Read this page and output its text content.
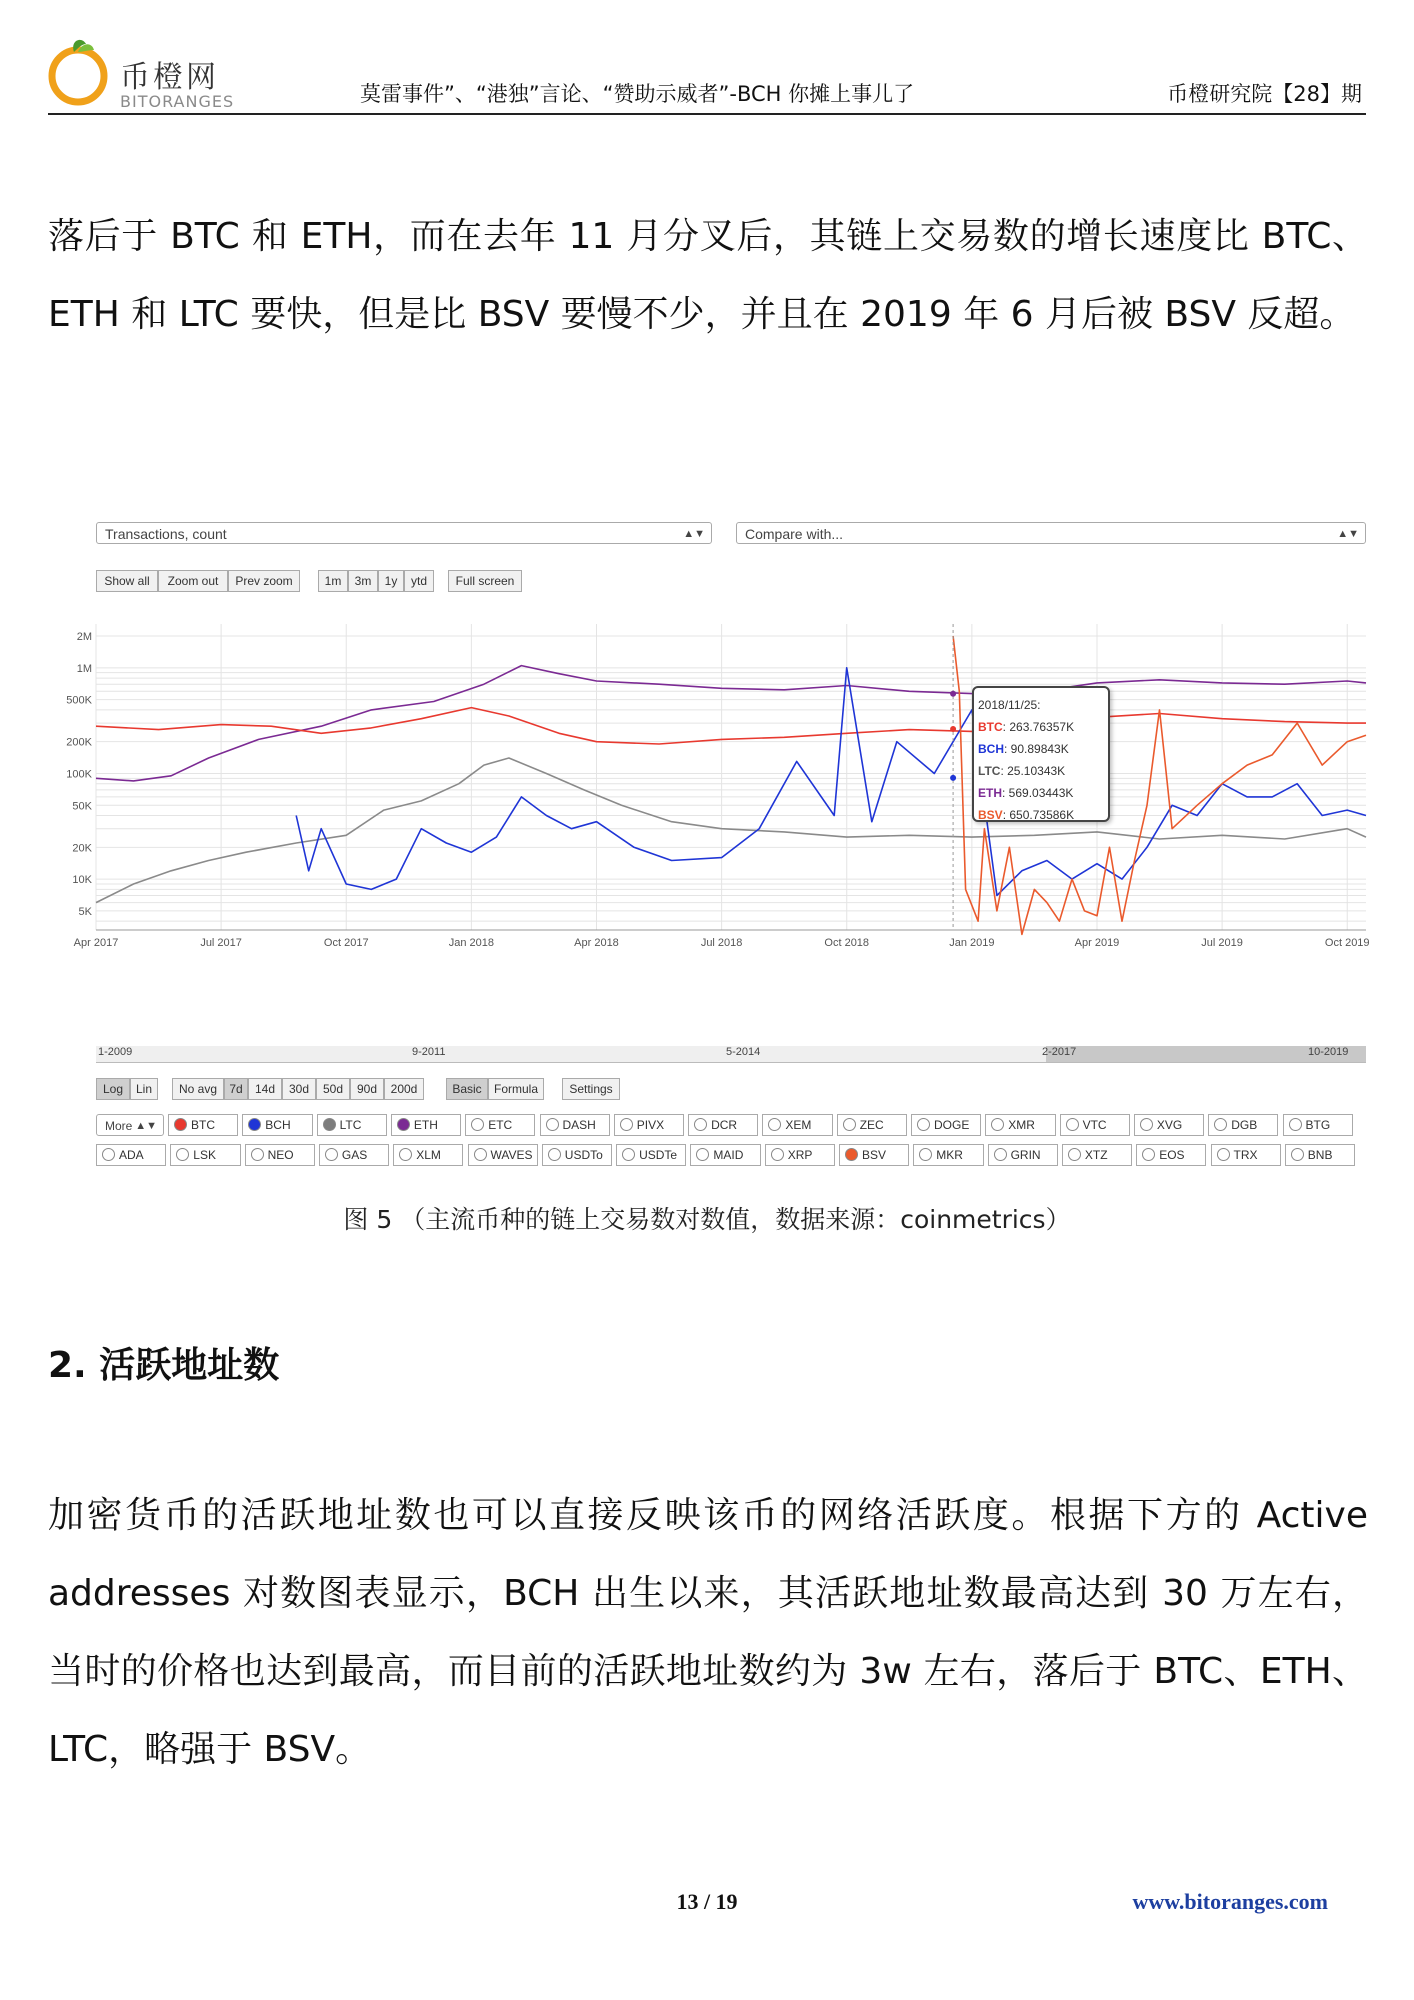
币橙网
BITORANGES	莫雷事件”、“港独”言论、“赞助示威者”-BCH 你摊上事儿了	币橙研究院【28】期
落后于 BTC 和 ETH，而在去年 11 月分叉后，其链上交易数的增长速度比 BTC、ETH 和 LTC 要快，但是比 BSV 要慢不少，并且在 2019 年 6 月后被 BSV 反超。
Transactions, count	▲▼	Compare with...	▲▼
Show all	Zoom out	Prev zoom	1m	3m	1y	ytd	Full screen
5K
10K
20K
50K
100K
200K
500K
1M
2M
Apr 2017	Jul 2017	Oct 2017	Jan 2018	Apr 2018	Jul 2018	Oct 2018	Jan 2019	Apr 2019	Jul 2019	Oct 2019
2018/11/25:
BTC: 263.76357K
BCH: 90.89843K
LTC: 25.10343K
ETH: 569.03443K
BSV: 650.73586K
1-2009	9-2011	5-2014	2-2017	10-2019
Log	Lin	No avg	7d	14d	30d	50d	90d	200d	Basic	Formula	Settings
More ▲▼	BTC	BCH	LTC	ETH	ETC	DASH	PIVX	DCR	XEM	ZEC	DOGE	XMR	VTC	XVG	DGB	BTG
ADA	LSK	NEO	GAS	XLM	WAVES	USDTo	USDTe	MAID	XRP	BSV	MKR	GRIN	XTZ	EOS	TRX	BNB
图 5 （主流币种的链上交易数对数值，数据来源：coinmetrics）
2. 活跃地址数
加密货币的活跃地址数也可以直接反映该币的网络活跃度。根据下方的 Active addresses 对数图表显示，BCH 出生以来，其活跃地址数最高达到 30 万左右，当时的价格也达到最高，而目前的活跃地址数约为 3w 左右，落后于 BTC、ETH、LTC，略强于 BSV。
13 / 19	www.bitoranges.com
